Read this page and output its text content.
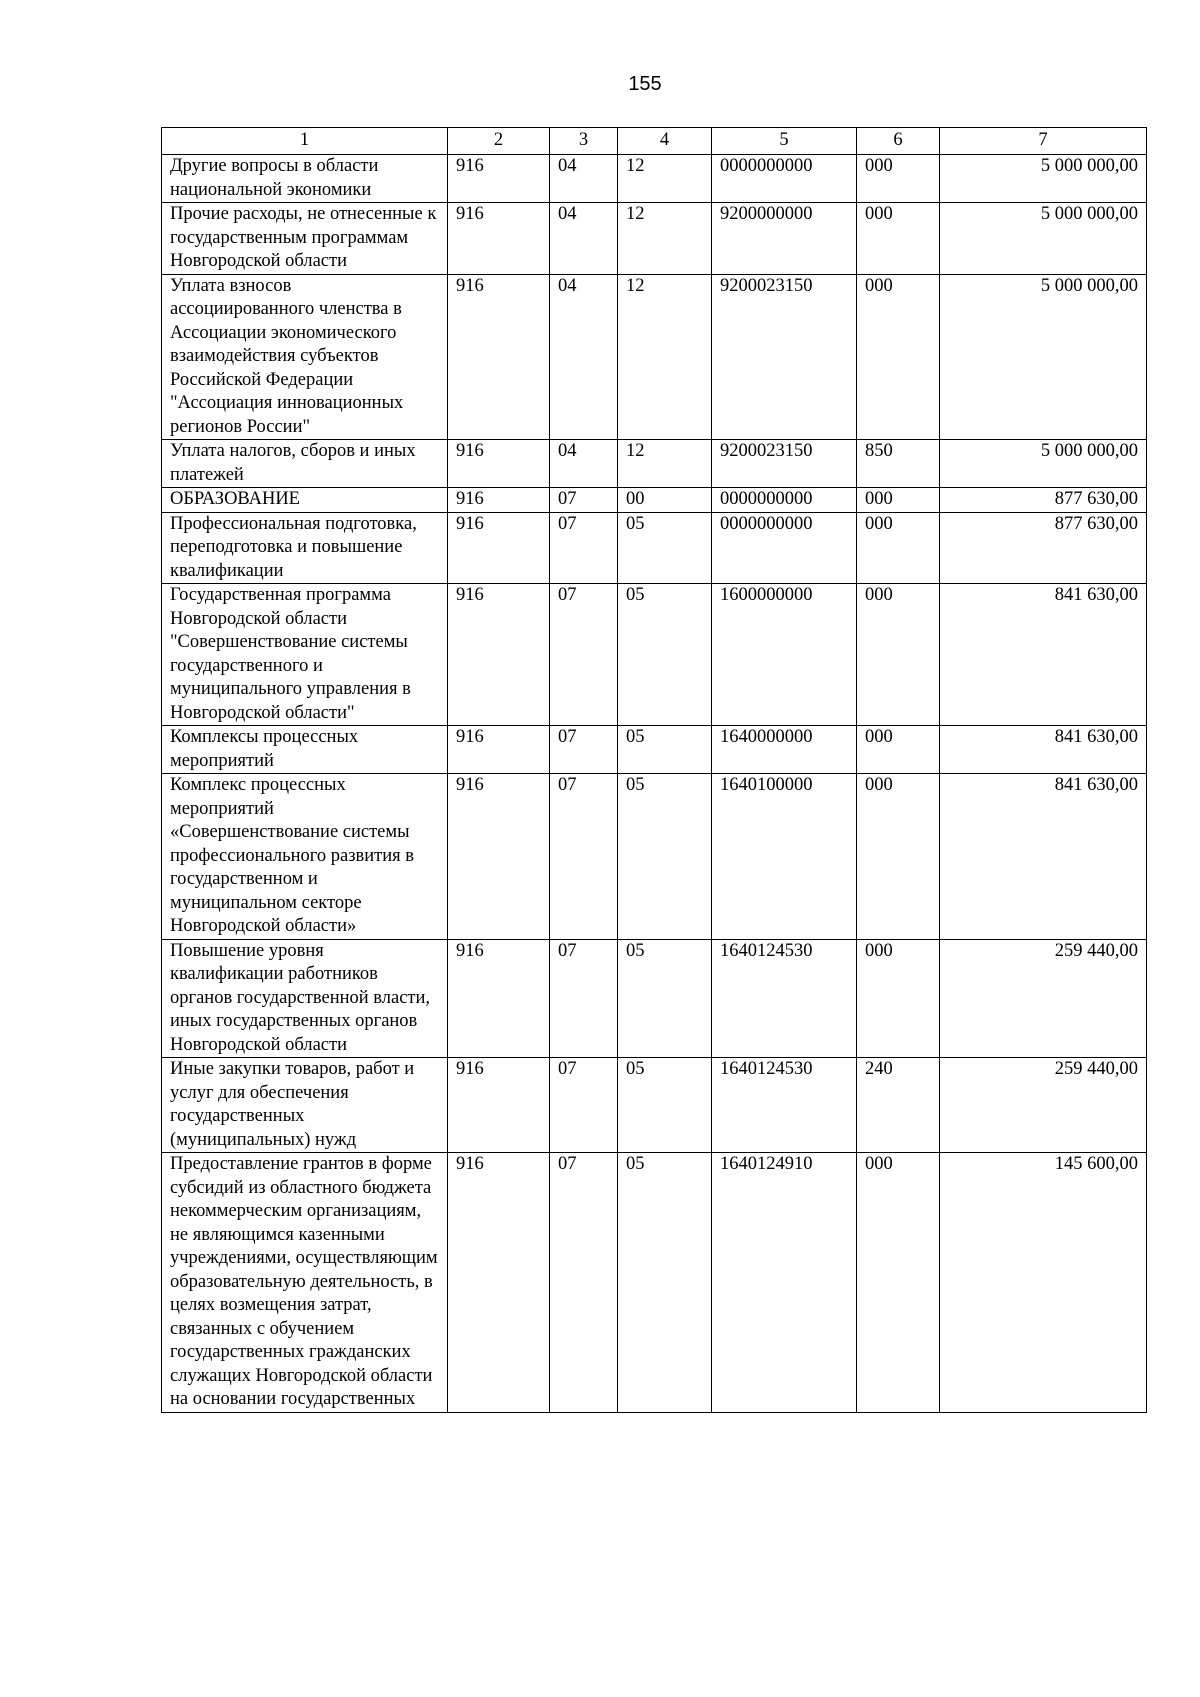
155
1	2	3	4	5	6	7
Другие вопросы в области национальной экономики	916	04	12	0000000000	000	5 000 000,00
Прочие расходы, не отнесенные к государственным программам Новгородской области	916	04	12	9200000000	000	5 000 000,00
Уплата взносов ассоциированного членства в Ассоциации экономического взаимодействия субъектов Российской Федерации "Ассоциация инновационных регионов России"	916	04	12	9200023150	000	5 000 000,00
Уплата налогов, сборов и иных платежей	916	04	12	9200023150	850	5 000 000,00
ОБРАЗОВАНИЕ	916	07	00	0000000000	000	877 630,00
Профессиональная подготовка, переподготовка и повышение квалификации	916	07	05	0000000000	000	877 630,00
Государственная программа Новгородской области "Совершенствование системы государственного и муниципального управления в Новгородской области"	916	07	05	1600000000	000	841 630,00
Комплексы процессных мероприятий	916	07	05	1640000000	000	841 630,00
Комплекс процессных мероприятий «Совершенствование системы профессионального развития в государственном и муниципальном секторе Новгородской области»	916	07	05	1640100000	000	841 630,00
Повышение уровня квалификации работников органов государственной власти, иных государственных органов Новгородской области	916	07	05	1640124530	000	259 440,00
Иные закупки товаров, работ и услуг для обеспечения государственных (муниципальных) нужд	916	07	05	1640124530	240	259 440,00
Предоставление грантов в форме субсидий из областного бюджета некоммерческим организациям, не являющимся казенными учреждениями, осуществляющим образовательную деятельность, в целях возмещения затрат, связанных с обучением государственных гражданских служащих Новгородской области на основании государственных	916	07	05	1640124910	000	145 600,00
